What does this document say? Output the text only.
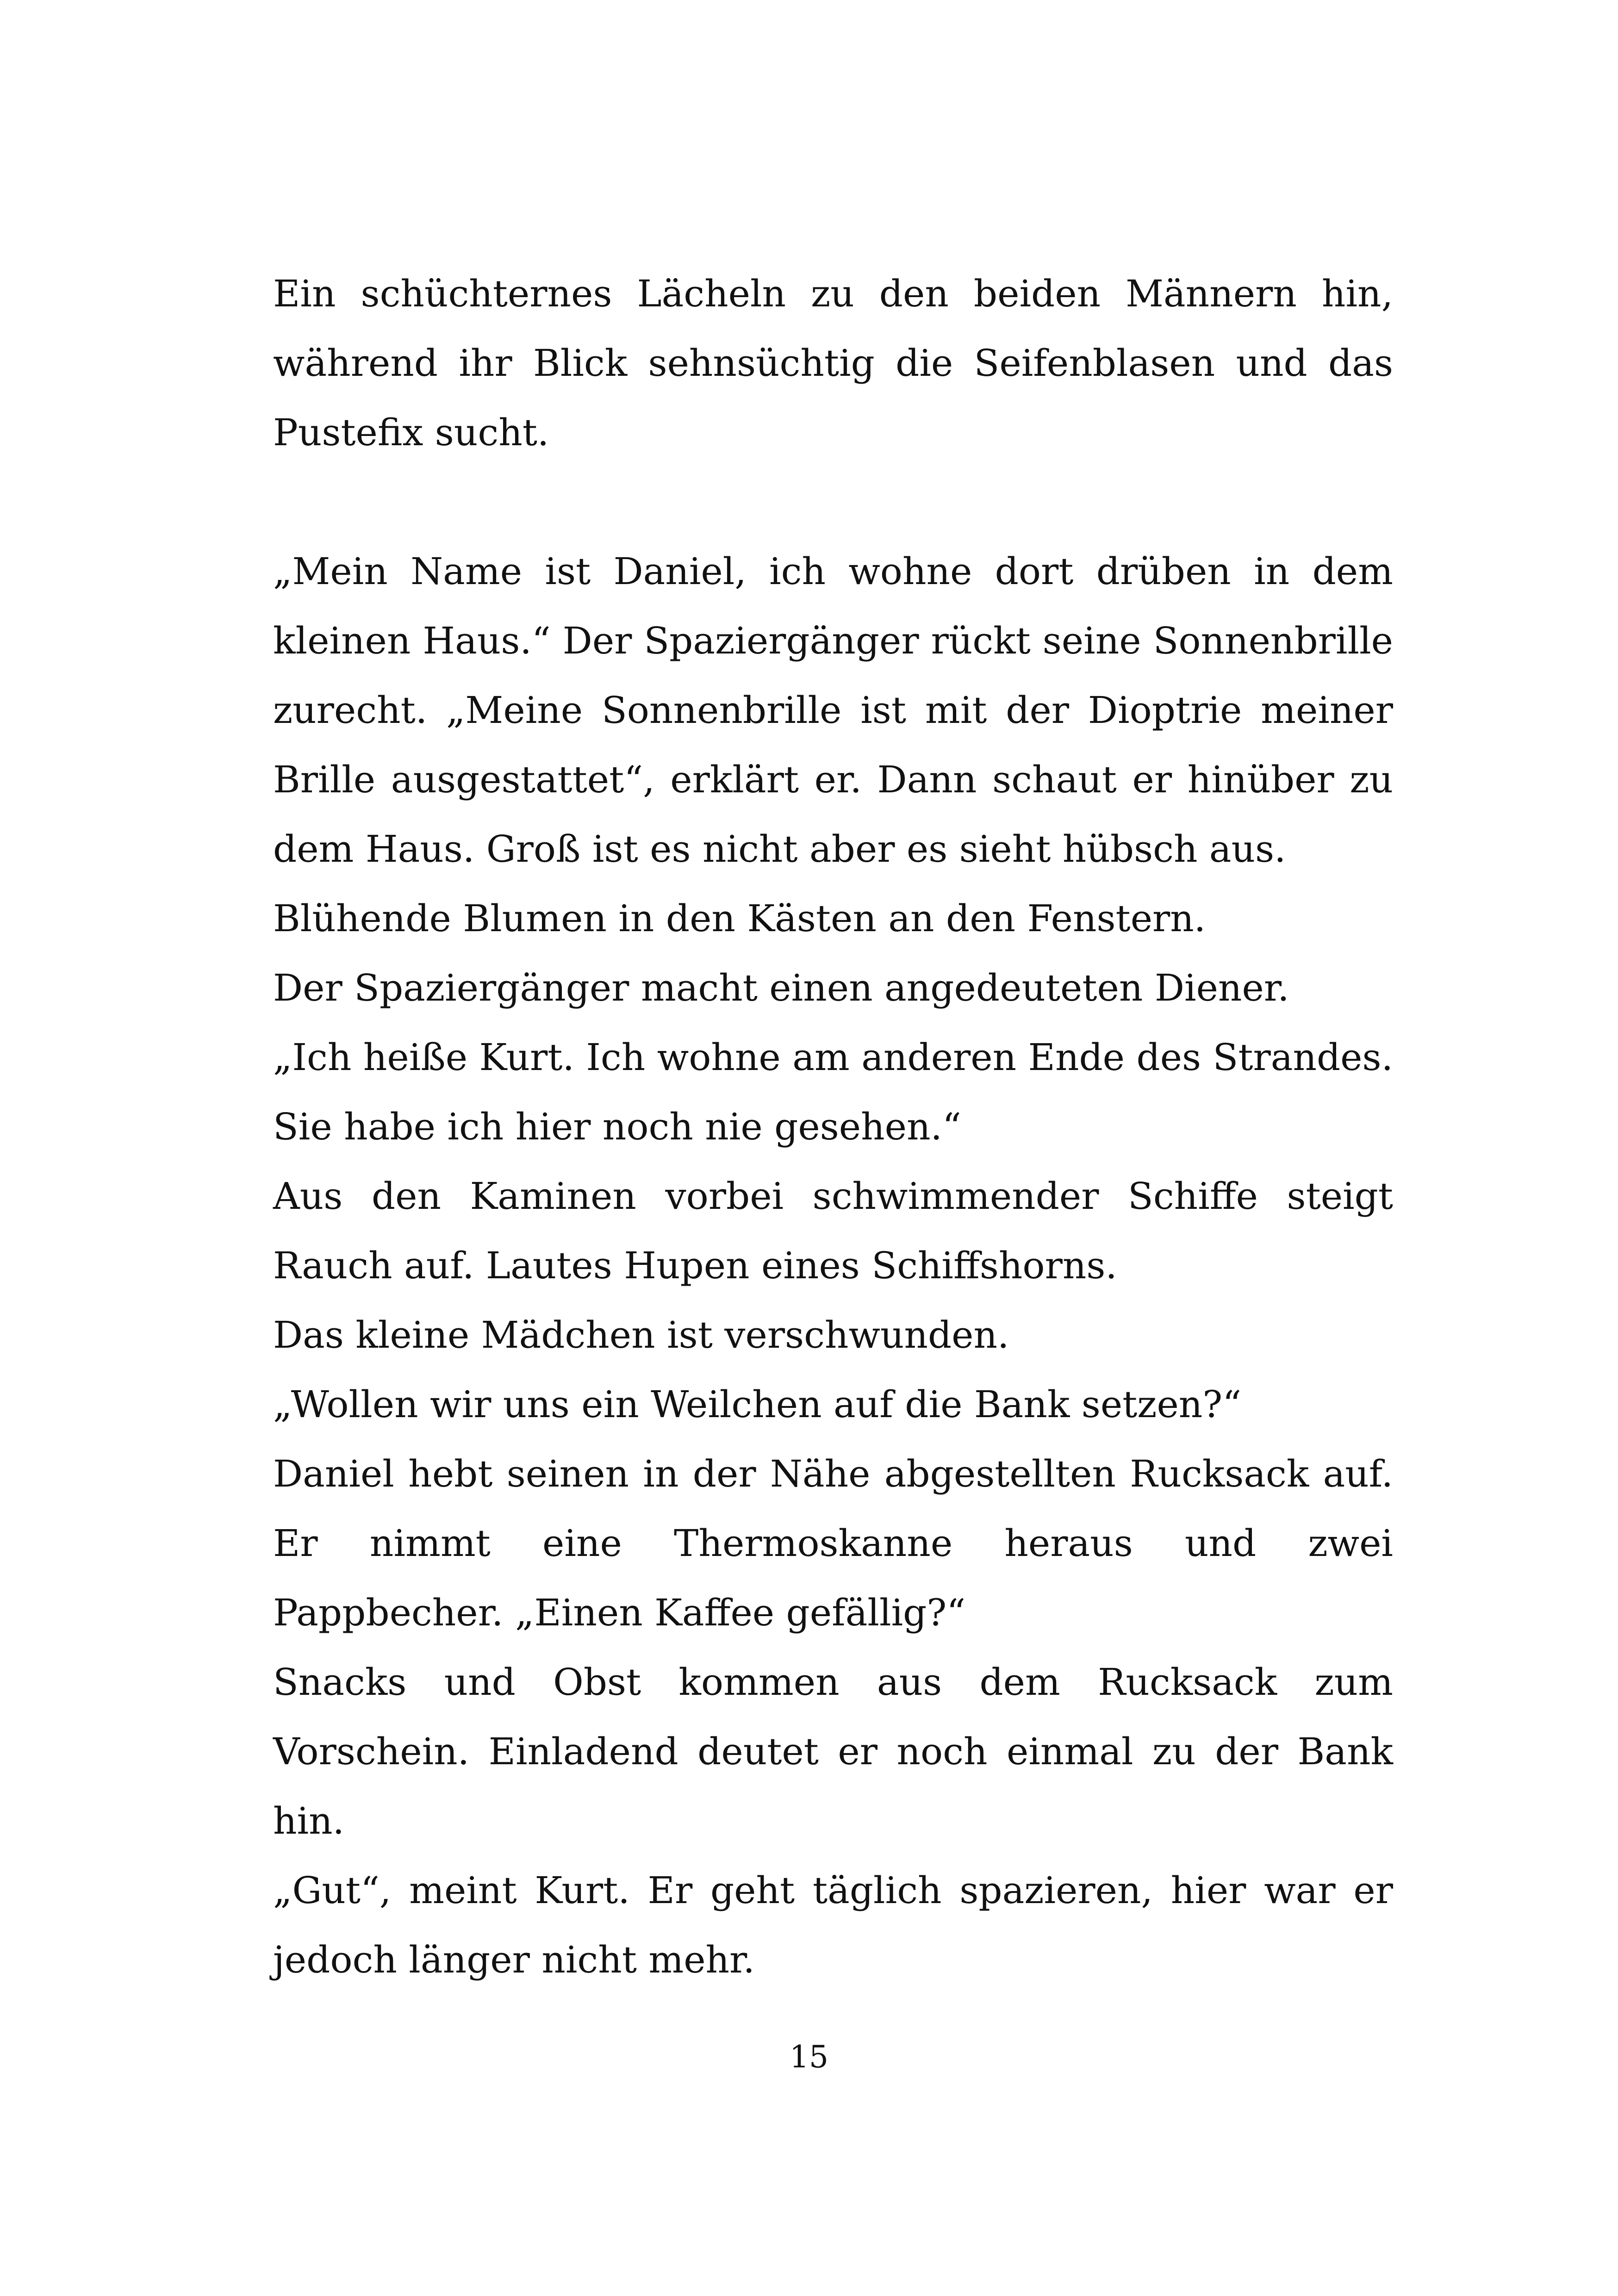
Ein schüchternes Lächeln zu den beiden Männern hin, während ihr Blick sehnsüchtig die Seifenblasen und das Pustefix sucht.

„Mein Name ist Daniel, ich wohne dort drüben in dem kleinen Haus.“ Der Spaziergänger rückt seine Sonnenbrille zurecht. „Meine Sonnenbrille ist mit der Dioptrie meiner Brille ausgestattet“, erklärt er. Dann schaut er hinüber zu dem Haus. Groß ist es nicht aber es sieht hübsch aus.

Blühende Blumen in den Kästen an den Fenstern.

Der Spaziergänger macht einen angedeuteten Diener.

„Ich heiße Kurt. Ich wohne am anderen Ende des Strandes. Sie habe ich hier noch nie gesehen.“

Aus den Kaminen vorbei schwimmender Schiffe steigt Rauch auf. Lautes Hupen eines Schiffshorns.

Das kleine Mädchen ist verschwunden.

„Wollen wir uns ein Weilchen auf die Bank setzen?“

Daniel hebt seinen in der Nähe abgestellten Rucksack auf. Er nimmt eine Thermoskanne heraus und zwei Pappbecher. „Einen Kaffee gefällig?“

Snacks und Obst kommen aus dem Rucksack zum Vorschein. Einladend deutet er noch einmal zu der Bank hin.

„Gut“, meint Kurt. Er geht täglich spazieren, hier war er jedoch länger nicht mehr.

15
